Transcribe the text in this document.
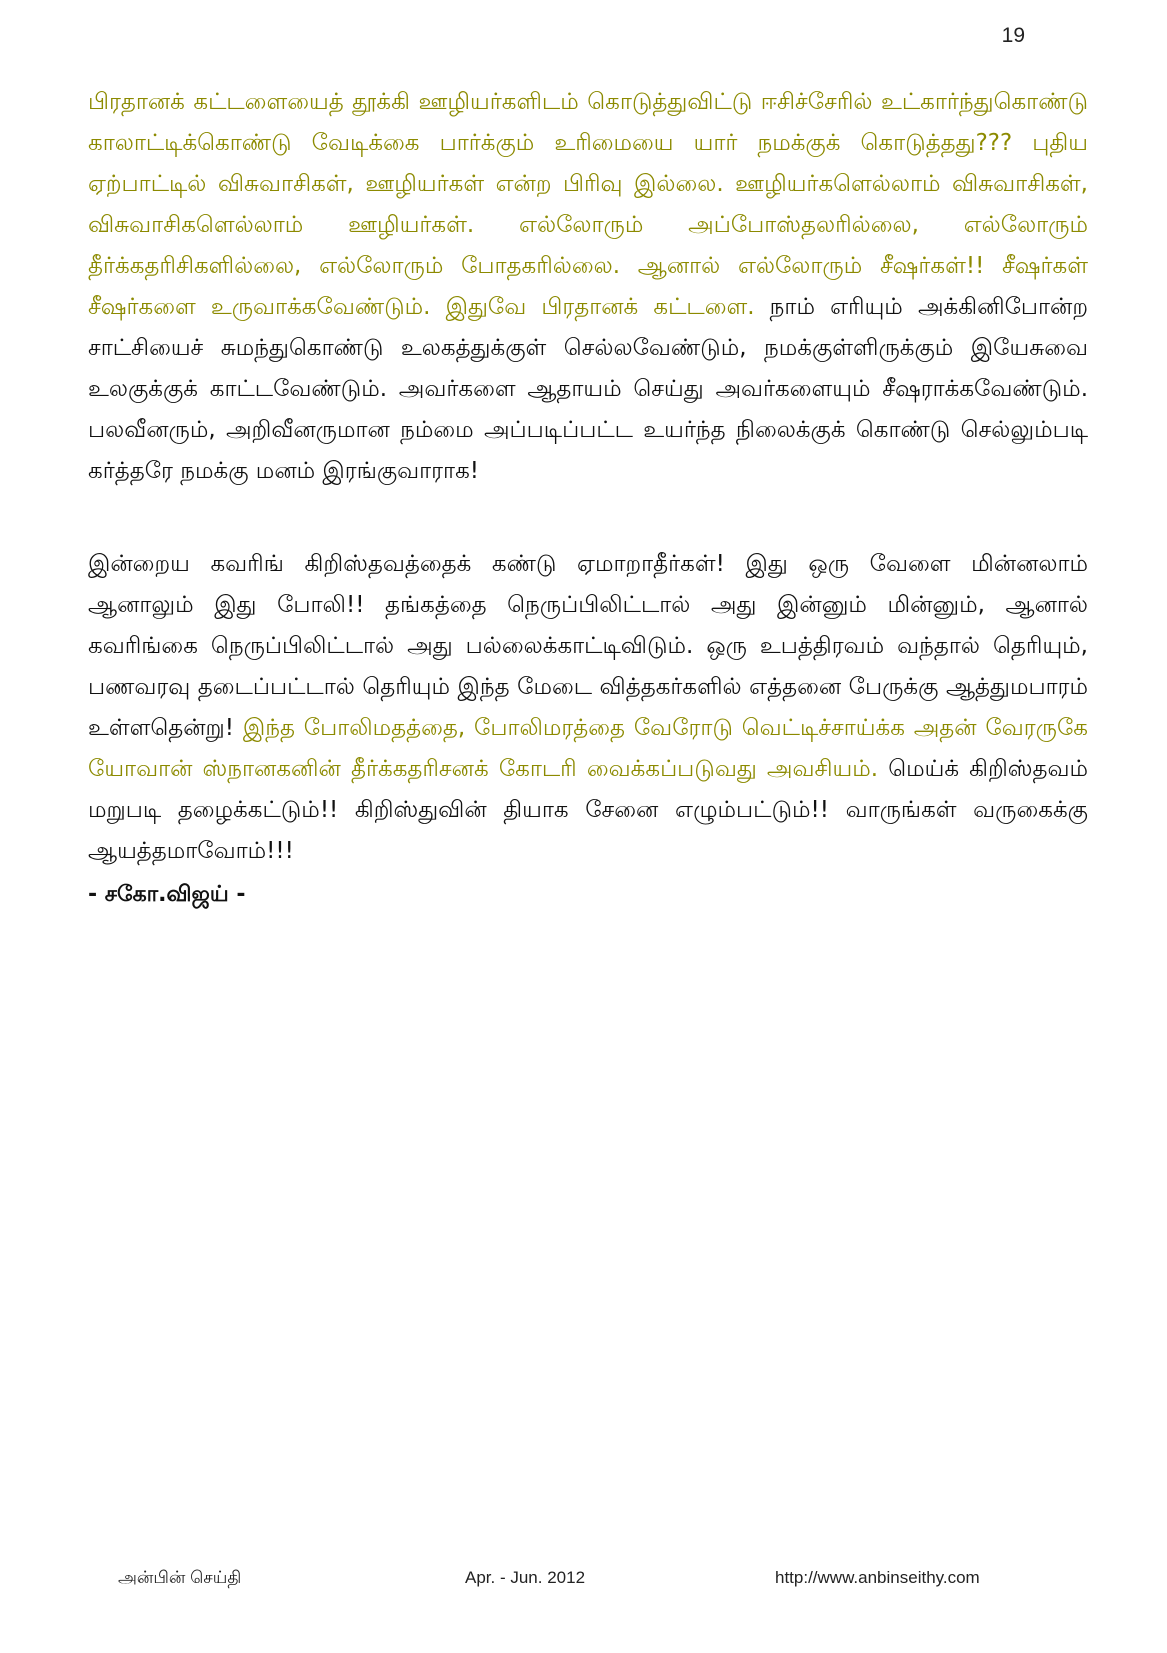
19

பிரதானக் கட்டளையைத் தூக்கி ஊழியர்களிடம் கொடுத்துவிட்டு ஈசிச்சேரில் உட்கார்ந்துகொண்டு காலாட்டிக்கொண்டு வேடிக்கை பார்க்கும் உரிமையை யார் நமக்குக் கொடுத்தது??? புதிய ஏற்பாட்டில் விசுவாசிகள், ஊழியர்கள் என்ற பிரிவு இல்லை. ஊழியர்களெல்லாம் விசுவாசிகள், விசுவாசிகளெல்லாம் ஊழியர்கள். எல்லோரும் அப்போஸ்தலரில்லை, எல்லோரும் தீர்க்கதரிசிகளில்லை, எல்லோரும் போதகரில்லை. ஆனால் எல்லோரும் சீஷர்கள்!! சீஷர்கள் சீஷர்களை உருவாக்கவேண்டும். இதுவே பிரதானக் கட்டளை. நாம் எரியும் அக்கினிபோன்ற சாட்சியைச் சுமந்துகொண்டு உலகத்துக்குள் செல்லவேண்டும், நமக்குள்ளிருக்கும் இயேசுவை உலகுக்குக் காட்டவேண்டும். அவர்களை ஆதாயம் செய்து அவர்களையும் சீஷராக்கவேண்டும். பலவீனரும், அறிவீனருமான நம்மை அப்படிப்பட்ட உயர்ந்த நிலைக்குக் கொண்டு செல்லும்படி கர்த்தரே நமக்கு மனம் இரங்குவாராக!

இன்றைய கவரிங் கிறிஸ்தவத்தைக் கண்டு ஏமாறாதீர்கள்! இது ஒரு வேளை மின்னலாம் ஆனாலும் இது போலி!! தங்கத்தை நெருப்பிலிட்டால் அது இன்னும் மின்னும், ஆனால் கவரிங்கை நெருப்பிலிட்டால் அது பல்லைக்காட்டிவிடும். ஒரு உபத்திரவம் வந்தால் தெரியும், பணவரவு தடைப்பட்டால் தெரியும் இந்த மேடை வித்தகர்களில் எத்தனை பேருக்கு ஆத்துமபாரம் உள்ளதென்று! இந்த போலிமதத்தை, போலிமரத்தை வேரோடு வெட்டிச்சாய்க்க அதன் வேரருகே யோவான் ஸ்நானகனின் தீர்க்கதரிசனக் கோடரி வைக்கப்படுவது அவசியம். மெய்க் கிறிஸ்தவம் மறுபடி தழைக்கட்டும்!! கிறிஸ்துவின் தியாக சேனை எழும்பட்டும்!! வாருங்கள் வருகைக்கு ஆயத்தமாவோம்!!!

- சகோ.விஜய் -

அன்பின் செய்தி	Apr. - Jun. 2012	http://www.anbinseithy.com
